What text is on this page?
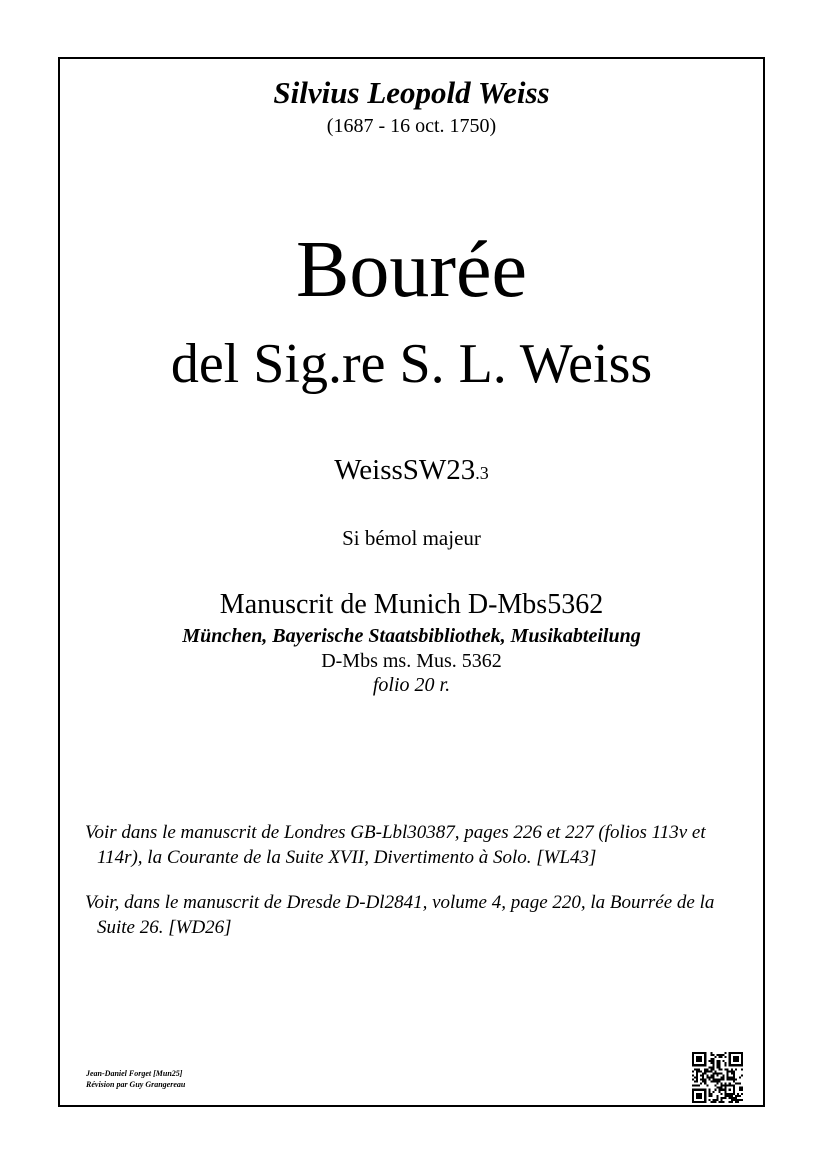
Silvius Leopold Weiss
(1687 - 16 oct. 1750)
Bourée
del Sig.re S. L. Weiss
WeissSW23.3
Si bémol majeur
Manuscrit de Munich D-Mbs5362
München, Bayerische Staatsbibliothek, Musikabteilung
D-Mbs ms. Mus. 5362
folio 20 r.
Voir dans le manuscrit de Londres GB-Lbl30387, pages 226 et 227 (folios 113v et 114r), la Courante de la Suite XVII, Divertimento à Solo. [WL43]
Voir, dans le manuscrit de Dresde D-Dl2841, volume 4, page 220, la Bourrée de la Suite 26. [WD26]
Jean-Daniel Forget [Mun25]
Révision par Guy Grangereau
